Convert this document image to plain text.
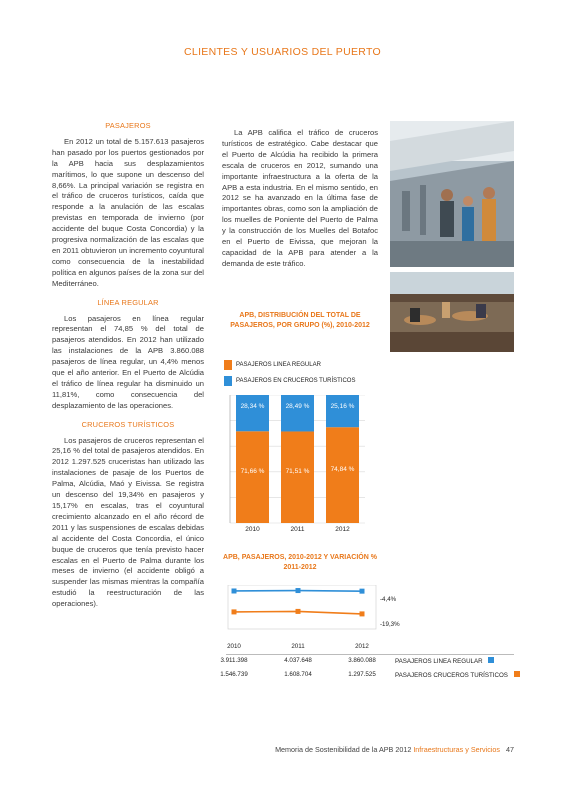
CLIENTES Y USUARIOS DEL PUERTO
PASAJEROS

En 2012 un total de 5.157.613 pasajeros han pasado por los puertos gestionados por la APB hacia sus desplazamientos marítimos, lo que supone un descenso del 8,66%. La principal variación se registra en el tráfico de cruceros turísticos, caída que responde a la anulación de las escalas previstas en temporada de invierno (por accidente del buque Costa Concordia) y la progresiva normalización de las escalas que en 2011 obtuvieron un incremento coyuntural como consecuencia de la inestabilidad política en algunos países de la zona sur del Mediterráneo.

LÍNEA REGULAR

Los pasajeros en línea regular representan el 74,85 % del total de pasajeros atendidos. En 2012 han utilizado las instalaciones de la APB 3.860.088 pasajeros de línea regular, un 4,4% menos que el año anterior. En el Puerto de Alcúdia el tráfico de línea regular ha disminuido un 11,81%, como consecuencia del desplazamiento de las operaciones.

CRUCEROS TURÍSTICOS

Los pasajeros de cruceros representan el 25,16 % del total de pasajeros atendidos. En 2012 1.297.525 cruceristas han utilizado las instalaciones de pasaje de los Puertos de Palma, Alcúdia, Maó y Eivissa. Se registra un descenso del 19,34% en pasajeros y 15,17% en escalas, tras el coyuntural crecimiento alcanzado en el año récord de 2011 y las suspensiones de escalas debidas al accidente del Costa Concordia, el único buque de cruceros que tenía previsto hacer escalas en el Puerto de Palma durante los meses de invierno (el accidente obligó a suspender las mismas mientras la compañía estudió la reestructuración de las operaciones).

La APB califica el tráfico de cruceros turísticos de estratégico. Cabe destacar que el Puerto de Alcúdia ha recibido la primera escala de cruceros en 2012, sumando una importante infraestructura a la oferta de la APB a esta industria. En el mismo sentido, en 2012 se ha avanzado en la última fase de importantes obras, como son la ampliación de los muelles de Poniente del Puerto de Palma y la construcción de los Muelles del Botafoc en el Puerto de Eivissa, que mejoran la capacidad de la APB para atender a la demanda de este tráfico.

APB, DISTRIBUCIÓN DEL TOTAL DE PASAJEROS, POR GRUPO (%), 2010-2012
PASAJEROS LINEA REGULAR
PASAJEROS EN CRUCEROS TURÍSTICOS
71,66 %
28,34 %
2010
71,51 %
28,49 %
2011
74,84 %
25,16 %
2012
APB, PASAJEROS, 2010-2012 Y VARIACIÓN % 2011-2012
-4,4%
-19,3%
2010	2011	2012
3.911.398	4.037.648	3.860.088
1.546.739	1.608.704	1.297.525
PASAJEROS LINEA REGULAR
PASAJEROS CRUCEROS TURÍSTICOS
Memoria de Sostenibilidad de la APB 2012 Infraestructuras y Servicios 47
